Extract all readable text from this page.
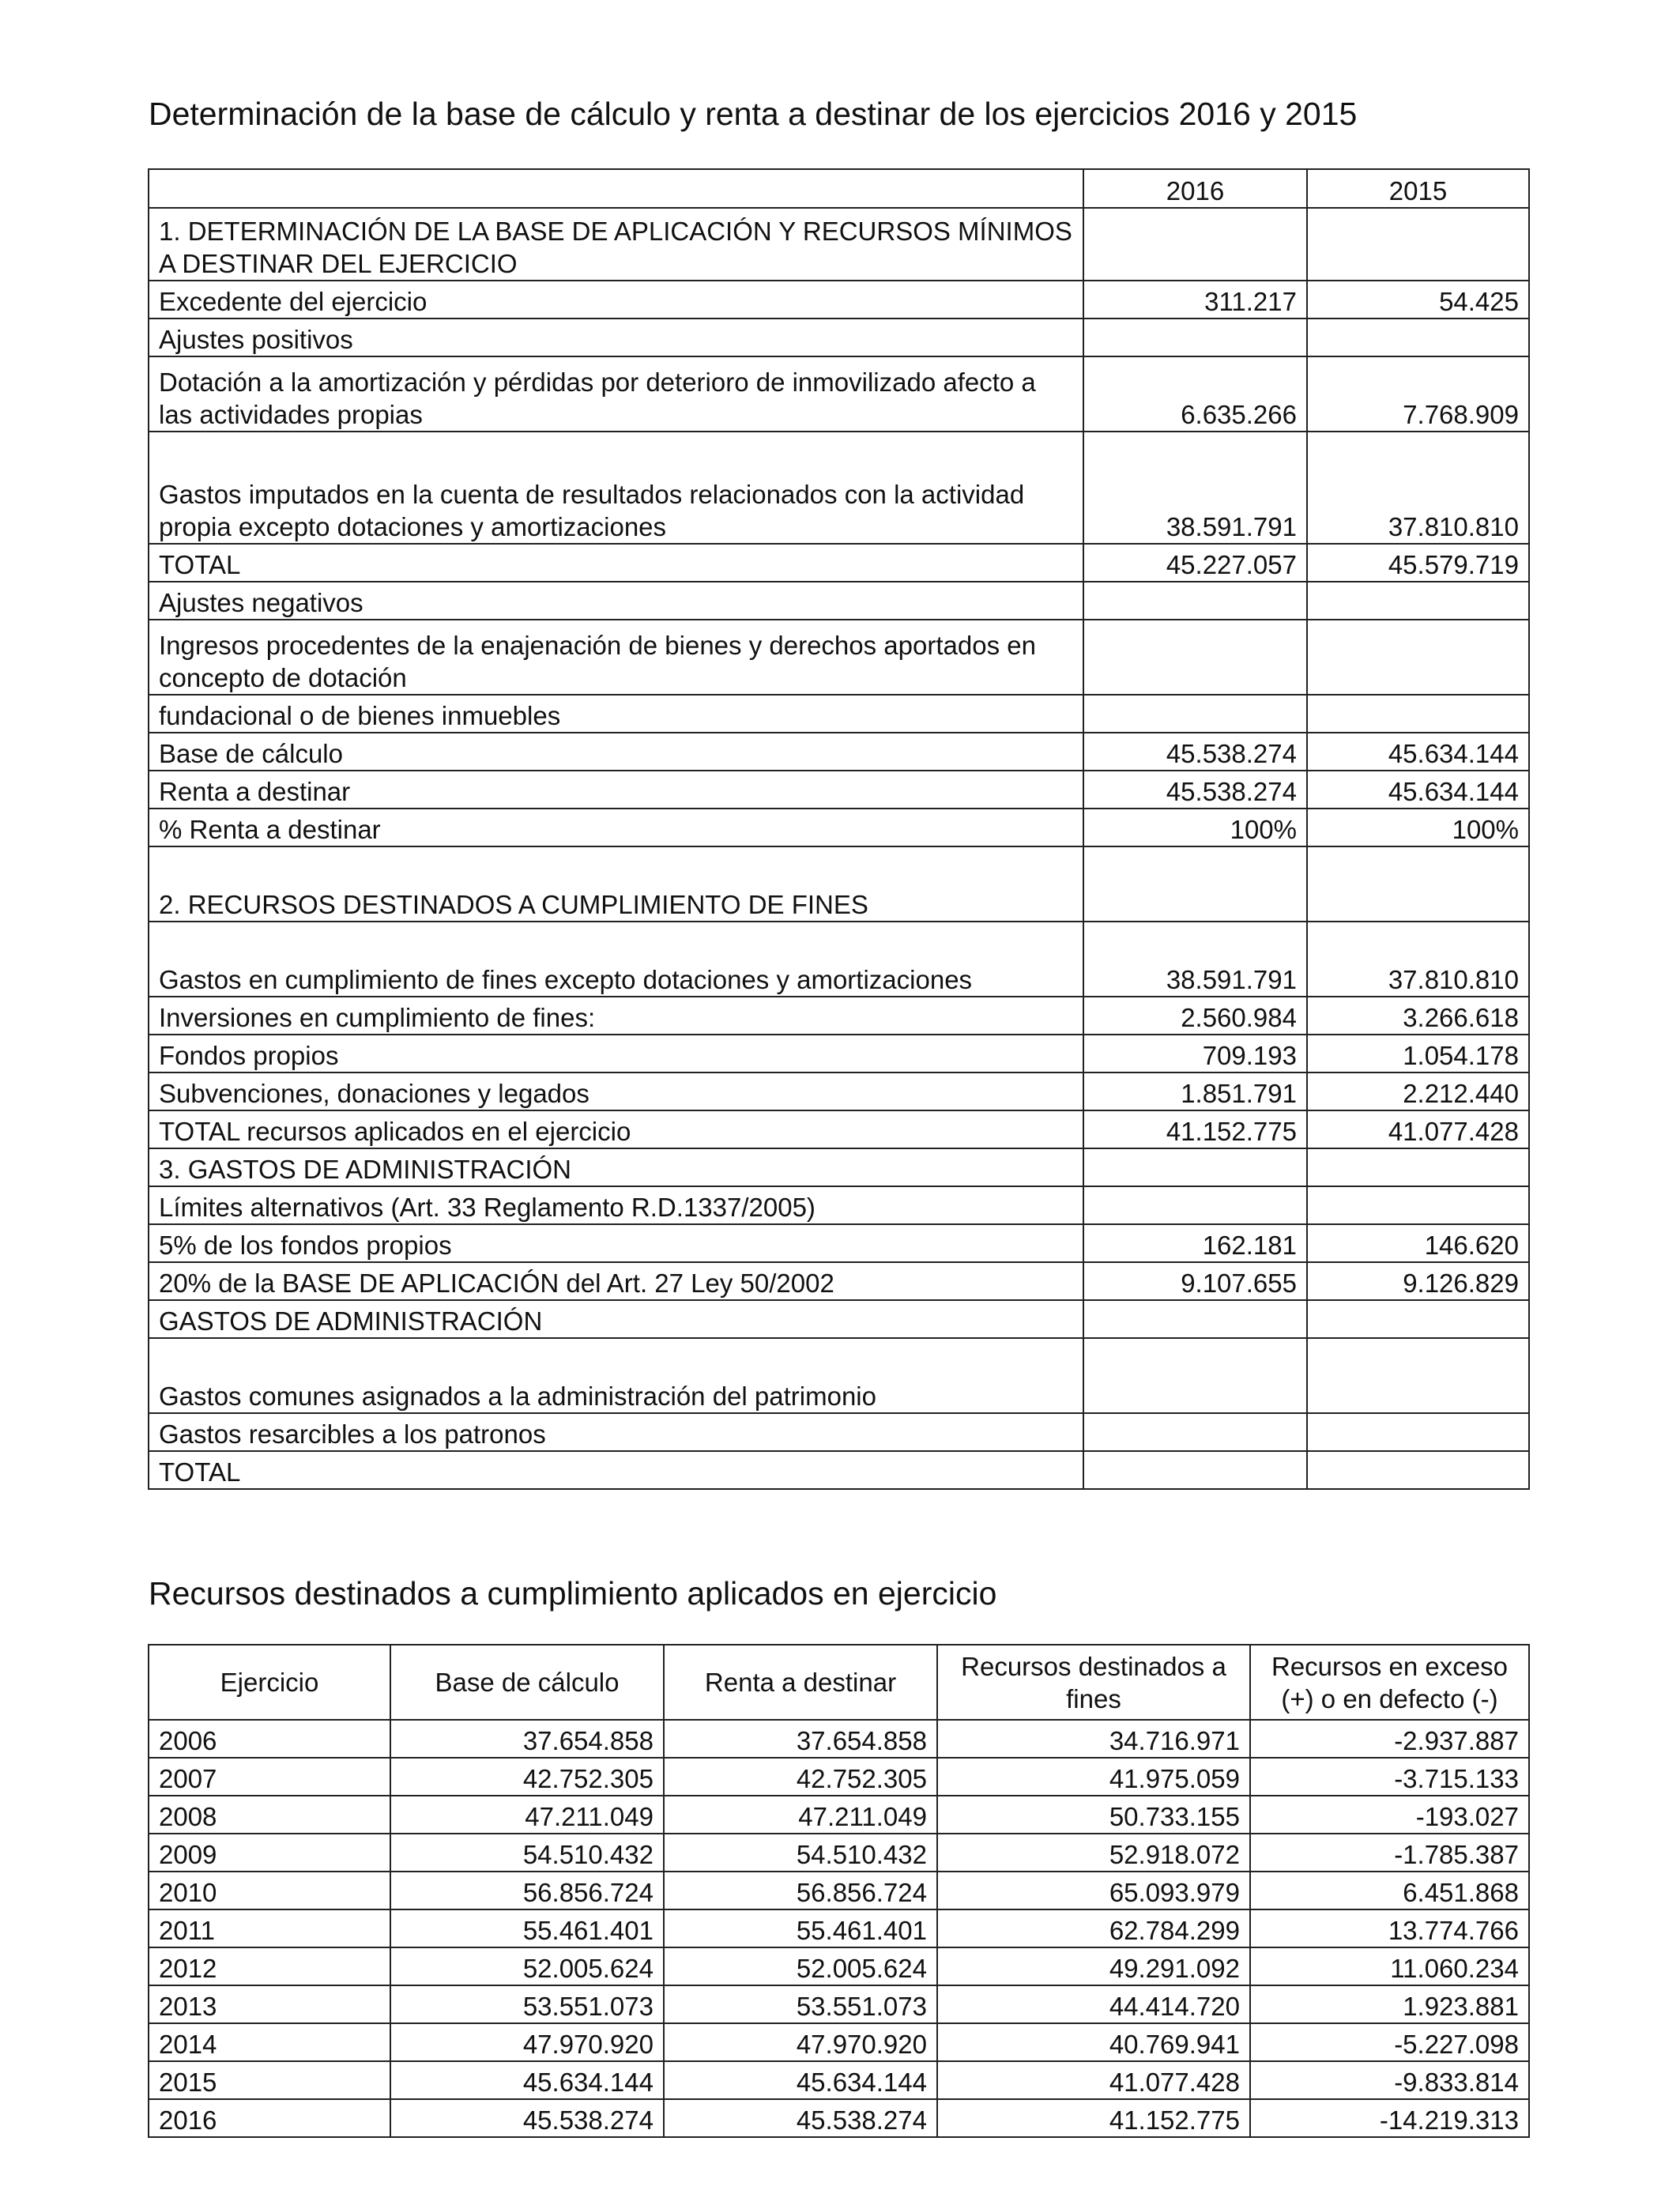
Determinación de la base de cálculo y renta a destinar de los ejercicios 2016 y 2015
	2016	2015
1. DETERMINACIÓN DE LA BASE DE APLICACIÓN Y RECURSOS MÍNIMOS A DESTINAR DEL EJERCICIO		
Excedente del ejercicio	311.217	54.425
Ajustes positivos		
Dotación a la amortización y pérdidas por deterioro de inmovilizado afecto a las actividades propias	6.635.266	7.768.909
Gastos imputados en la cuenta de resultados relacionados con la actividad propia excepto dotaciones y amortizaciones	38.591.791	37.810.810
TOTAL	45.227.057	45.579.719
Ajustes negativos		
Ingresos procedentes de la enajenación de bienes y derechos aportados en concepto de dotación		
fundacional o de bienes inmuebles		
Base de cálculo	45.538.274	45.634.144
Renta a destinar	45.538.274	45.634.144
% Renta a destinar	100%	100%
2. RECURSOS DESTINADOS A CUMPLIMIENTO DE FINES		
Gastos en cumplimiento de fines excepto dotaciones y amortizaciones	38.591.791	37.810.810
Inversiones en cumplimiento de fines:	2.560.984	3.266.618
Fondos propios	709.193	1.054.178
Subvenciones, donaciones y legados	1.851.791	2.212.440
TOTAL recursos aplicados en el ejercicio	41.152.775	41.077.428
3. GASTOS DE ADMINISTRACIÓN		
Límites alternativos (Art. 33 Reglamento R.D.1337/2005)		
5% de los fondos propios	162.181	146.620
20% de la BASE DE APLICACIÓN del Art. 27 Ley 50/2002	9.107.655	9.126.829
GASTOS DE ADMINISTRACIÓN		
Gastos comunes asignados a la administración del patrimonio		
Gastos resarcibles a los patronos		
TOTAL		
Recursos destinados a cumplimiento aplicados en ejercicio
Ejercicio	Base de cálculo	Renta a destinar	Recursos destinados a fines	Recursos en exceso (+) o en defecto (-)
2006	37.654.858	37.654.858	34.716.971	-2.937.887
2007	42.752.305	42.752.305	41.975.059	-3.715.133
2008	47.211.049	47.211.049	50.733.155	-193.027
2009	54.510.432	54.510.432	52.918.072	-1.785.387
2010	56.856.724	56.856.724	65.093.979	6.451.868
2011	55.461.401	55.461.401	62.784.299	13.774.766
2012	52.005.624	52.005.624	49.291.092	11.060.234
2013	53.551.073	53.551.073	44.414.720	1.923.881
2014	47.970.920	47.970.920	40.769.941	-5.227.098
2015	45.634.144	45.634.144	41.077.428	-9.833.814
2016	45.538.274	45.538.274	41.152.775	-14.219.313
